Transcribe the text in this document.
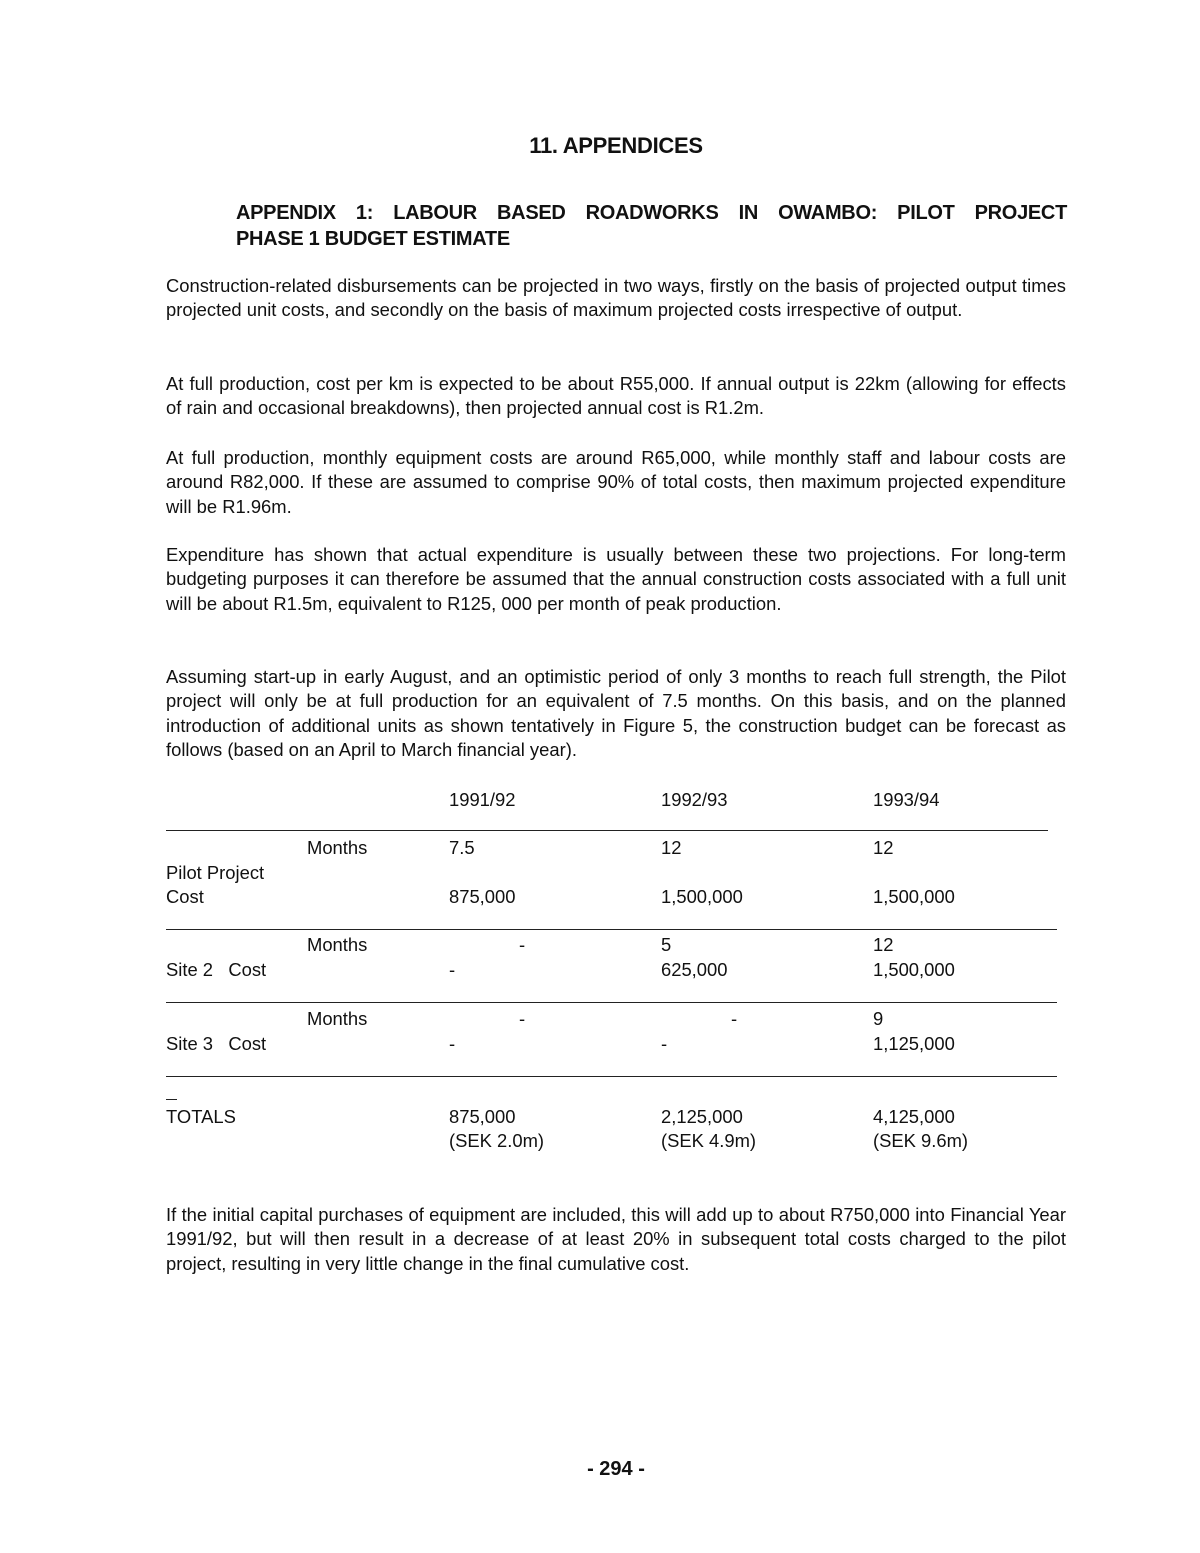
11. APPENDICES
APPENDIX 1: LABOUR BASED ROADWORKS IN OWAMBO: PILOT PROJECT
PHASE 1 BUDGET ESTIMATE
Construction-related disbursements can be projected in two ways, firstly on the basis of projected output times projected unit costs, and secondly on the basis of maximum projected costs irrespective of output.
At full production, cost per km is expected to be about R55,000. If annual output is 22km (allowing for effects of rain and occasional breakdowns), then projected annual cost is R1.2m.
At full production, monthly equipment costs are around R65,000, while monthly staff and labour costs are around R82,000. If these are assumed to comprise 90% of total costs, then maximum projected expenditure will be R1.96m.
Expenditure has shown that actual expenditure is usually between these two projections. For long-term budgeting purposes it can therefore be assumed that the annual construction costs associated with a full unit will be about R1.5m, equivalent to R125, 000 per month of peak production.
Assuming start-up in early August, and an optimistic period of only 3 months to reach full strength, the Pilot project will only be at full production for an equivalent of 7.5 months. On this basis, and on the planned introduction of additional units as shown tentatively in Figure 5, the construction budget can be forecast as follows (based on an April to March financial year).
1991/92	1992/93	1993/94
Months	7.5	12	12
Pilot Project
Cost	875,000	1,500,000	1,500,000
Months	-	5	12
Site 2   Cost	-	625,000	1,500,000
Months	-	-	9
Site 3   Cost	-	-	1,125,000
TOTALS	875,000	2,125,000	4,125,000
(SEK 2.0m)	(SEK 4.9m)	(SEK 9.6m)
If the initial capital purchases of equipment are included, this will add up to about R750,000 into Financial Year 1991/92, but will then result in a decrease of at least 20% in subsequent total costs charged to the pilot project, resulting in very little change in the final cumulative cost.
- 294 -
